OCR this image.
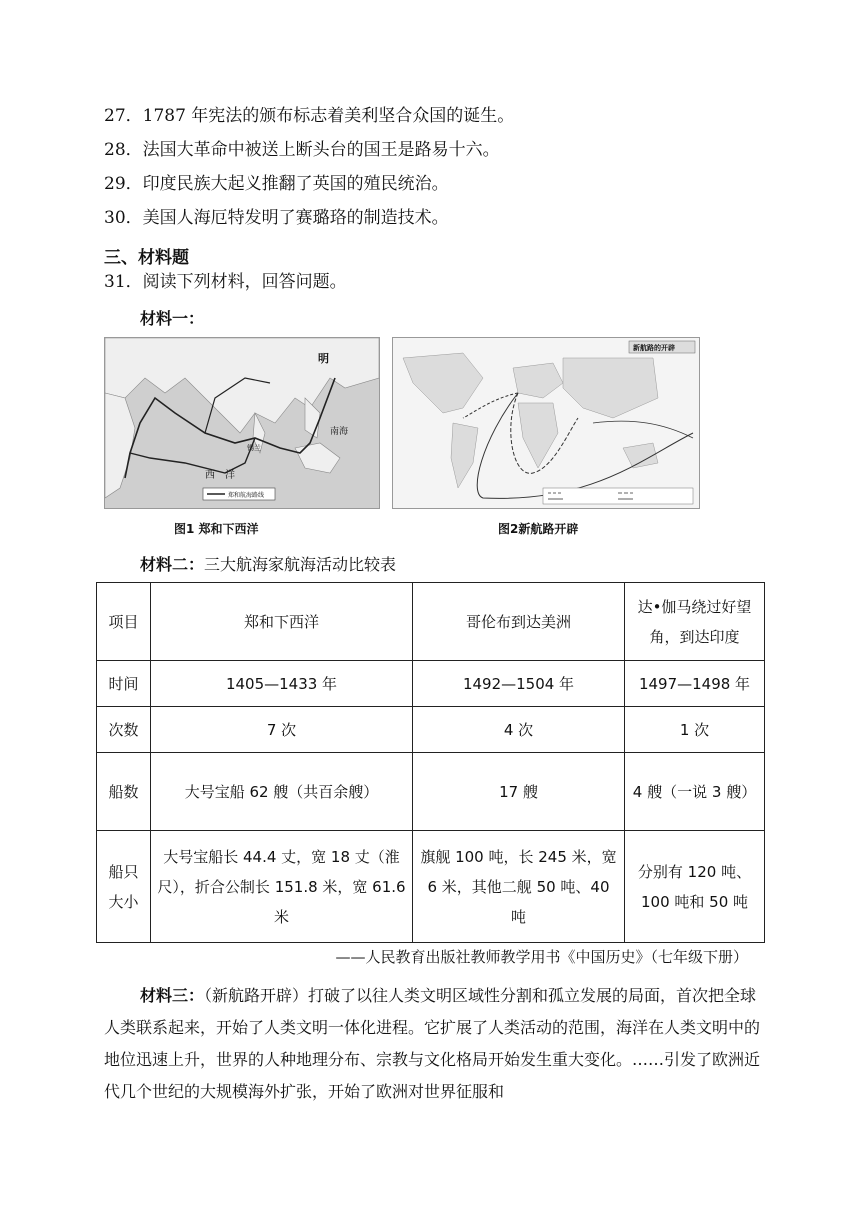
27．1787 年宪法的颁布标志着美利坚合众国的诞生。
28．法国大革命中被送上断头台的国王是路易十六。
29．印度民族大起义推翻了英国的殖民统治。
30．美国人海厄特发明了赛璐珞的制造技术。
三、材料题
31．阅读下列材料，回答问题。
材料一：
郑和航海路线
明
南海
西 洋
锡兰
新航路的开辟
图1 郑和下西洋	图2新航路开辟
材料二：三大航海家航海活动比较表
项目	郑和下西洋	哥伦布到达美洲	达•伽马绕过好望角，到达印度
时间	1405—1433 年	1492—1504 年	1497—1498 年
次数	7 次	4 次	1 次
船数	大号宝船 62 艘（共百余艘）	17 艘	4 艘（一说 3 艘）
船只大小	大号宝船长 44.4 丈，宽 18 丈（淮尺），折合公制长 151.8 米，宽 61.6 米	旗舰 100 吨，长 245 米，宽 6 米，其他二舰 50 吨、40 吨	分别有 120 吨、100 吨和 50 吨
——人民教育出版社教师教学用书《中国历史》（七年级下册）
材料三：（新航路开辟）打破了以往人类文明区域性分割和孤立发展的局面，首次把全球人类联系起来，开始了人类文明一体化进程。它扩展了人类活动的范围，海洋在人类文明中的地位迅速上升，世界的人种地理分布、宗教与文化格局开始发生重大变化。……引发了欧洲近代几个世纪的大规模海外扩张，开始了欧洲对世界征服和
